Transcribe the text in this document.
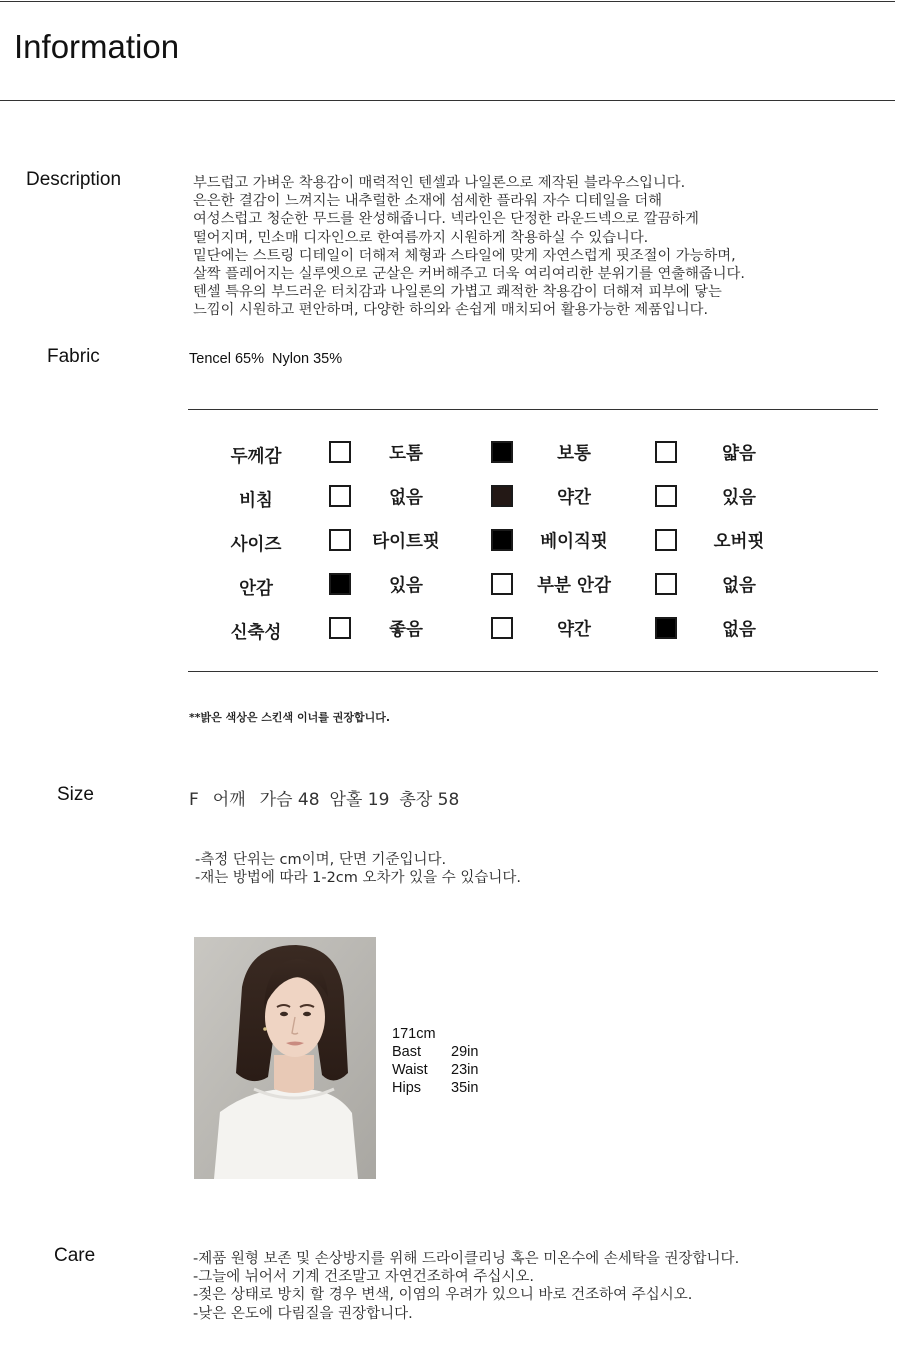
Information
Description	부드럽고 가벼운 착용감이 매력적인 텐셀과 나일론으로 제작된 블라우스입니다.
은은한 결감이 느껴지는 내추럴한 소재에 섬세한 플라워 자수 디테일을 더해
여성스럽고 청순한 무드를 완성해줍니다. 넥라인은 단정한 라운드넥으로 깔끔하게
떨어지며, 민소매 디자인으로 한여름까지 시원하게 착용하실 수 있습니다.
밑단에는 스트링 디테일이 더해져 체형과 스타일에 맞게 자연스럽게 핏조절이 가능하며,
살짝 플레어지는 실루엣으로 군살은 커버해주고 더욱 여리여리한 분위기를 연출해줍니다.
텐셀 특유의 부드러운 터치감과 나일론의 가볍고 쾌적한 착용감이 더해져 피부에 닿는
느낌이 시원하고 편안하며, 다양한 하의와 손쉽게 매치되어 활용가능한 제품입니다.
Fabric	Tencel 65%  Nylon 35%
두께감	도톰	보통	얇음
비침	없음	약간	있음
사이즈	타이트핏	베이직핏	오버핏
안감	있음	부분 안감	없음
신축성	좋음	약간	없음
**밝은 색상은 스킨색 이너를 권장합니다.
Size	F 어깨 가슴 48 암홀 19 총장 58
-측정 단위는 cm이며, 단면 기준입니다.
-재는 방법에 따라 1-2cm 오차가 있을 수 있습니다.
171cm
Bast 29in
Waist 23in
Hips 35in
Care	-제품 원형 보존 및 손상방지를 위해 드라이클리닝 혹은 미온수에 손세탁을 권장합니다.
-그늘에 뉘어서 기계 건조말고 자연건조하여 주십시오.
-젖은 상태로 방치 할 경우 변색, 이염의 우려가 있으니 바로 건조하여 주십시오.
-낮은 온도에 다림질을 권장합니다.
